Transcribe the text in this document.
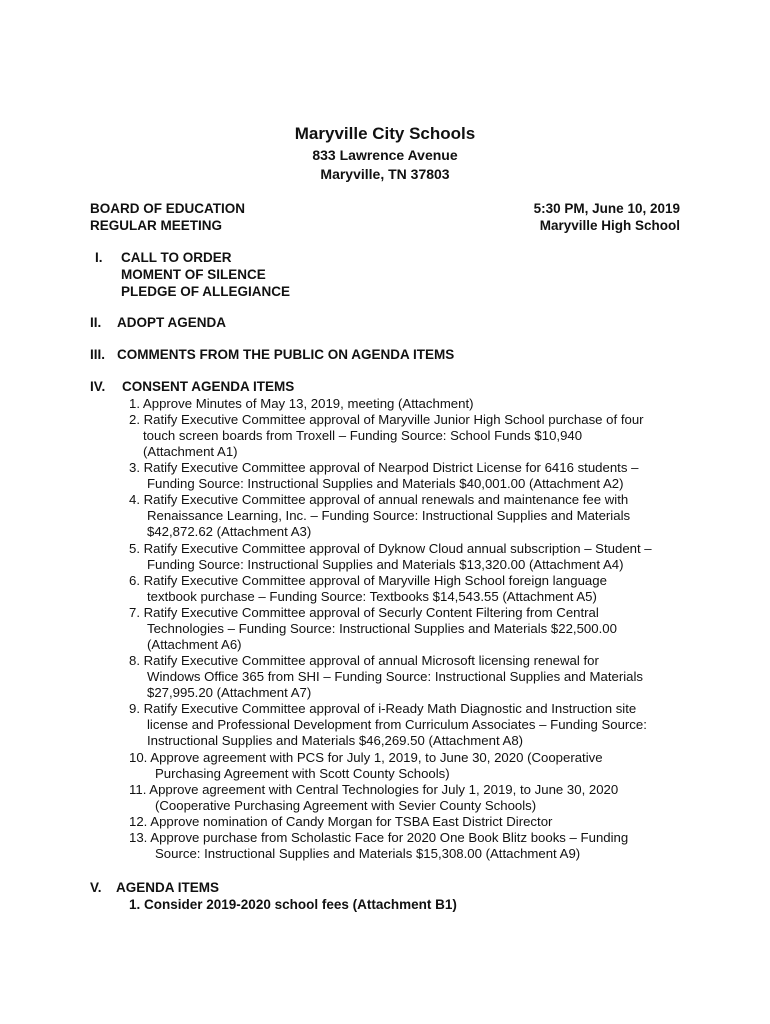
Maryville City Schools
833 Lawrence Avenue
Maryville, TN 37803
BOARD OF EDUCATION
REGULAR MEETING
5:30 PM, June 10, 2019
Maryville High School
I. CALL TO ORDER
MOMENT OF SILENCE
PLEDGE OF ALLEGIANCE
II. ADOPT AGENDA
III. COMMENTS FROM THE PUBLIC ON AGENDA ITEMS
IV. CONSENT AGENDA ITEMS
1. Approve Minutes of May 13, 2019, meeting (Attachment)
2. Ratify Executive Committee approval of Maryville Junior High School purchase of four
touch screen boards from Troxell – Funding Source: School Funds $10,940
(Attachment A1)
3. Ratify Executive Committee approval of Nearpod District License for 6416 students –
Funding Source: Instructional Supplies and Materials $40,001.00 (Attachment A2)
4. Ratify Executive Committee approval of annual renewals and maintenance fee with
Renaissance Learning, Inc. – Funding Source: Instructional Supplies and Materials
$42,872.62 (Attachment A3)
5. Ratify Executive Committee approval of Dyknow Cloud annual subscription – Student –
Funding Source: Instructional Supplies and Materials $13,320.00 (Attachment A4)
6. Ratify Executive Committee approval of Maryville High School foreign language
textbook purchase – Funding Source: Textbooks $14,543.55 (Attachment A5)
7. Ratify Executive Committee approval of Securly Content Filtering from Central
Technologies – Funding Source: Instructional Supplies and Materials $22,500.00
(Attachment A6)
8. Ratify Executive Committee approval of annual Microsoft licensing renewal for
Windows Office 365 from SHI – Funding Source: Instructional Supplies and Materials
$27,995.20 (Attachment A7)
9. Ratify Executive Committee approval of i-Ready Math Diagnostic and Instruction site
license and Professional Development from Curriculum Associates – Funding Source:
Instructional Supplies and Materials $46,269.50 (Attachment A8)
10. Approve agreement with PCS for July 1, 2019, to June 30, 2020 (Cooperative
Purchasing Agreement with Scott County Schools)
11. Approve agreement with Central Technologies for July 1, 2019, to June 30, 2020
(Cooperative Purchasing Agreement with Sevier County Schools)
12. Approve nomination of Candy Morgan for TSBA East District Director
13. Approve purchase from Scholastic Face for 2020 One Book Blitz books – Funding
Source: Instructional Supplies and Materials $15,308.00 (Attachment A9)
V. AGENDA ITEMS
1. Consider 2019-2020 school fees (Attachment B1)
